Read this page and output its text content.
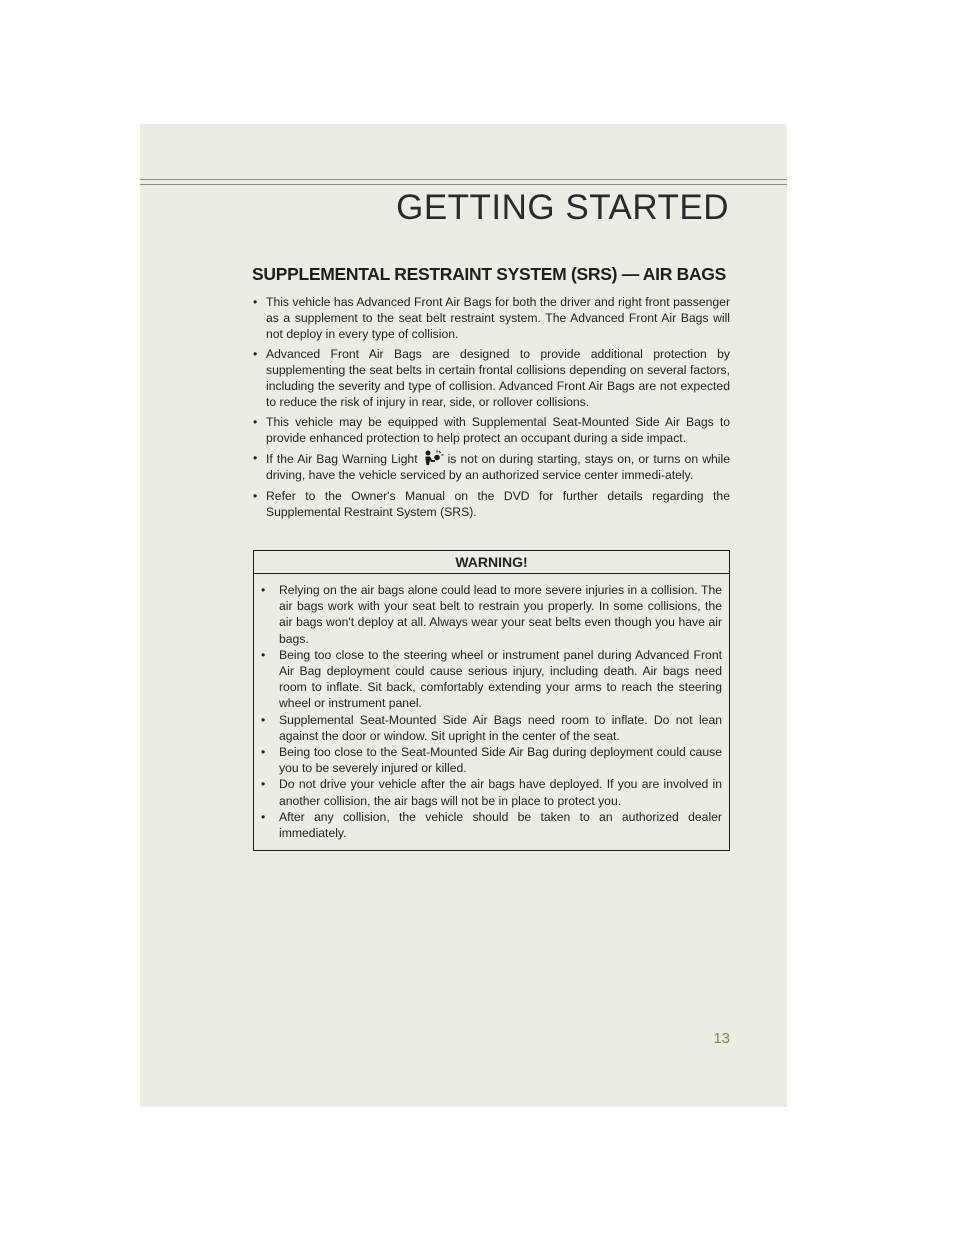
GETTING STARTED
SUPPLEMENTAL RESTRAINT SYSTEM (SRS) — AIR BAGS
• This vehicle has Advanced Front Air Bags for both the driver and right front passenger as a supplement to the seat belt restraint system. The Advanced Front Air Bags will not deploy in every type of collision.
• Advanced Front Air Bags are designed to provide additional protection by supplementing the seat belts in certain frontal collisions depending on several factors, including the severity and type of collision. Advanced Front Air Bags are not expected to reduce the risk of injury in rear, side, or rollover collisions.
• This vehicle may be equipped with Supplemental Seat-Mounted Side Air Bags to provide enhanced protection to help protect an occupant during a side impact.
• If the Air Bag Warning Light is not on during starting, stays on, or turns on while driving, have the vehicle serviced by an authorized service center immedi-ately.
• Refer to the Owner's Manual on the DVD for further details regarding the Supplemental Restraint System (SRS).
WARNING!
• Relying on the air bags alone could lead to more severe injuries in a collision. The air bags work with your seat belt to restrain you properly. In some collisions, the air bags won't deploy at all. Always wear your seat belts even though you have air bags.
• Being too close to the steering wheel or instrument panel during Advanced Front Air Bag deployment could cause serious injury, including death. Air bags need room to inflate. Sit back, comfortably extending your arms to reach the steering wheel or instrument panel.
• Supplemental Seat-Mounted Side Air Bags need room to inflate. Do not lean against the door or window. Sit upright in the center of the seat.
• Being too close to the Seat-Mounted Side Air Bag during deployment could cause you to be severely injured or killed.
• Do not drive your vehicle after the air bags have deployed. If you are involved in another collision, the air bags will not be in place to protect you.
• After any collision, the vehicle should be taken to an authorized dealer immediately.
13
